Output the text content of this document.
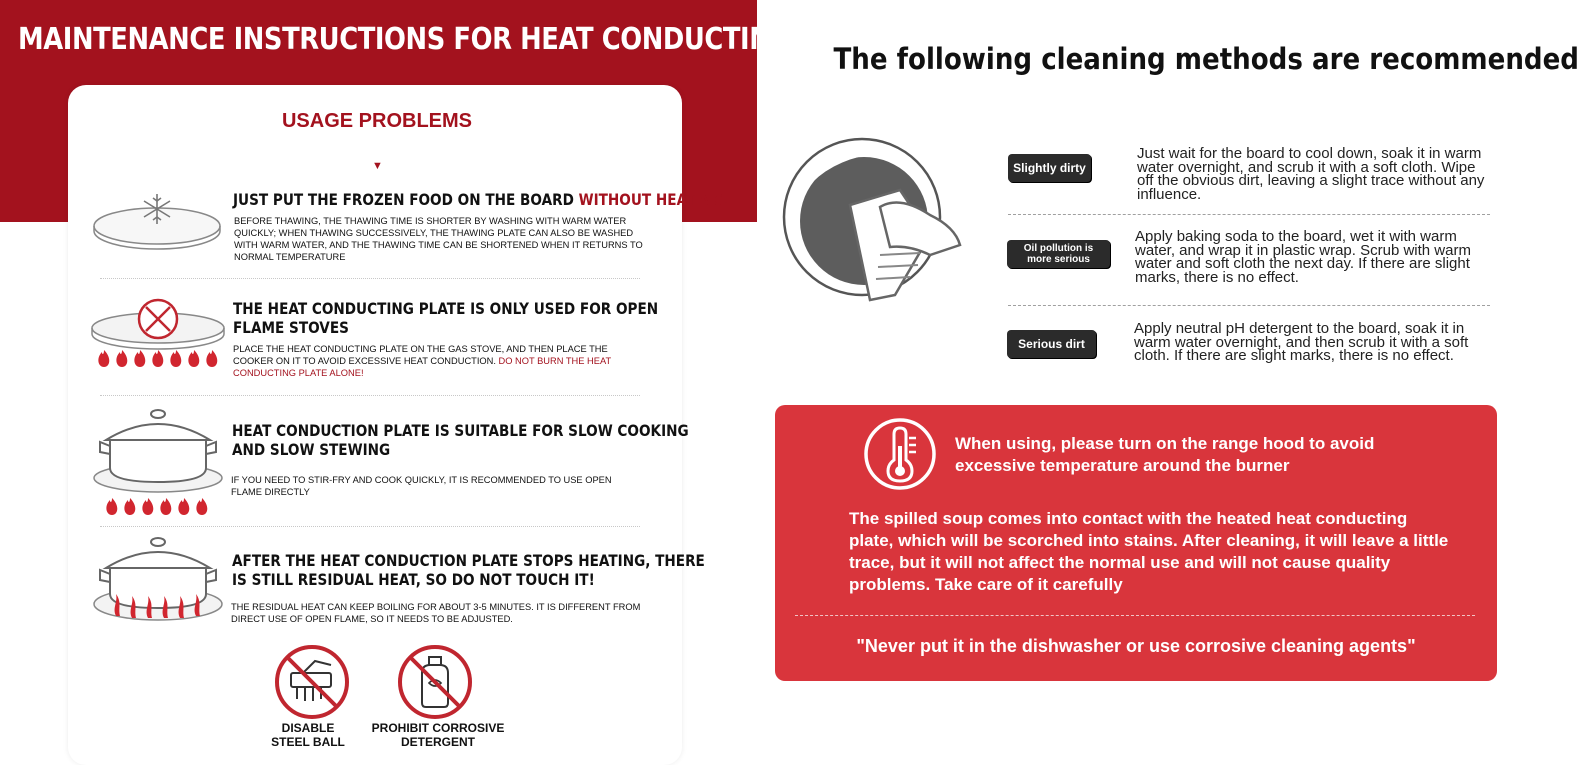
MAINTENANCE INSTRUCTIONS FOR HEAT CONDUCTING PLATE
USAGE PROBLEMS
▼
JUST PUT THE FROZEN FOOD ON THE BOARD WITHOUT HEATING!
BEFORE THAWING, THE THAWING TIME IS SHORTER BY WASHING WITH WARM WATER QUICKLY; WHEN THAWING SUCCESSIVELY, THE THAWING PLATE CAN ALSO BE WASHED WITH WARM WATER, AND THE THAWING TIME CAN BE SHORTENED WHEN IT RETURNS TO NORMAL TEMPERATURE
THE HEAT CONDUCTING PLATE IS ONLY USED FOR OPEN
FLAME STOVES
PLACE THE HEAT CONDUCTING PLATE ON THE GAS STOVE, AND THEN PLACE THE COOKER ON IT TO AVOID EXCESSIVE HEAT CONDUCTION. DO NOT BURN THE HEAT CONDUCTING PLATE ALONE!
HEAT CONDUCTION PLATE IS SUITABLE FOR SLOW COOKING
AND SLOW STEWING
IF YOU NEED TO STIR-FRY AND COOK QUICKLY, IT IS RECOMMENDED TO USE OPEN FLAME DIRECTLY
AFTER THE HEAT CONDUCTION PLATE STOPS HEATING, THERE
IS STILL RESIDUAL HEAT, SO DO NOT TOUCH IT!
THE RESIDUAL HEAT CAN KEEP BOILING FOR ABOUT 3-5 MINUTES. IT IS DIFFERENT FROM DIRECT USE OF OPEN FLAME, SO IT NEEDS TO BE ADJUSTED.
DISABLE
STEEL BALL
PROHIBIT CORROSIVE
DETERGENT
The following cleaning methods are recommended
Slightly dirty
Just wait for the board to cool down, soak it in warm water overnight, and scrub it with a soft cloth. Wipe off the obvious dirt, leaving a slight trace without any influence.
Oil pollution is
more serious
Apply baking soda to the board, wet it with warm water, and wrap it in plastic wrap. Scrub with warm water and soft cloth the next day. If there are slight marks, there is no effect.
Serious dirt
Apply neutral pH detergent to the board, soak it in warm water overnight, and then scrub it with a soft cloth. If there are slight marks, there is no effect.
When using, please turn on the range hood to avoid excessive temperature around the burner
The spilled soup comes into contact with the heated heat conducting plate, which will be scorched into stains. After cleaning, it will leave a little trace, but it will not affect the normal use and will not cause quality problems. Take care of it carefully
"Never put it in the dishwasher or use corrosive cleaning agents"
